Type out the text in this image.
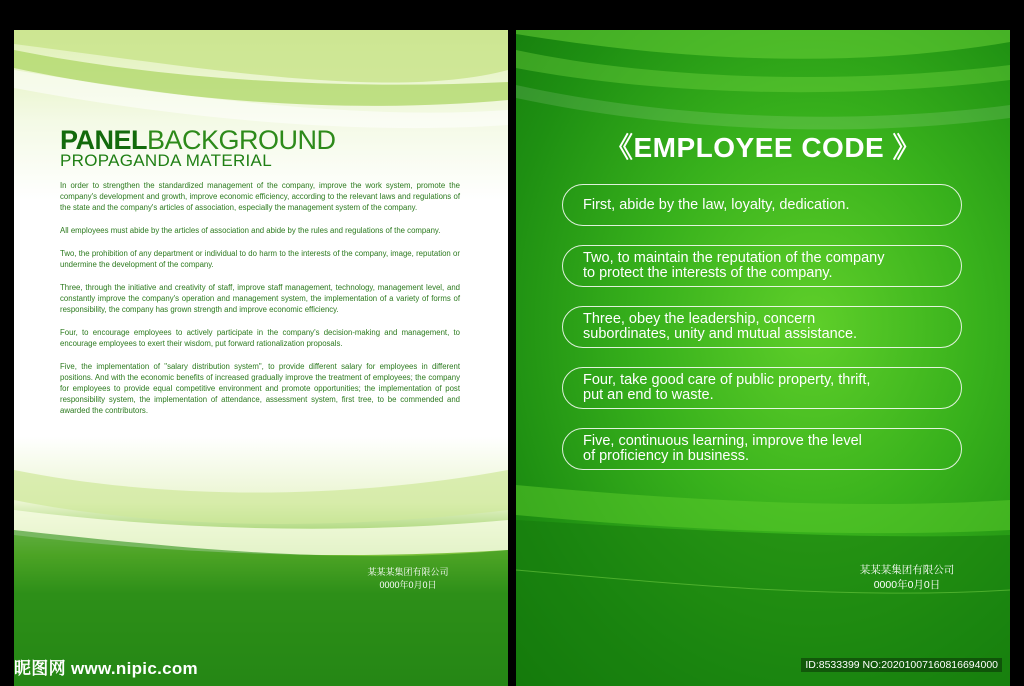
PANELBACKGROUND
PROPAGANDA MATERIAL

In order to strengthen the standardized management of the company, improve the work system, promote the company's development and growth, improve economic efficiency, according to the relevant laws and regulations of the state and the company's articles of association, especially the management system of the company.

All employees must abide by the articles of association and abide by the rules and regulations of the company.

Two, the prohibition of any department or individual to do harm to the interests of the company, image, reputation or undermine the development of the company.

Three, through the initiative and creativity of staff, improve staff management, technology, management level, and constantly improve the company's operation and management system, the implementation of a variety of forms of responsibility, the company has grown strength and improve economic efficiency.

Four, to encourage employees to actively participate in the company's decision-making and management, to encourage employees to exert their wisdom, put forward rationalization proposals.

Five, the implementation of "salary distribution system", to provide different salary for employees in different positions. And with the economic benefits of increased gradually improve the treatment of employees; the company for employees to provide equal competitive environment and promote opportunities; the implementation of post responsibility system, the implementation of attendance, assessment system, first tree, to be commended and awarded the contributors.

某某某集团有限公司
0000年0月0日
《EMPLOYEE CODE 》
First, abide by the law, loyalty, dedication.

Two, to maintain the reputation of the company
to protect the interests of the company.
Three, obey the leadership, concern
subordinates, unity and mutual assistance.
Four, take good care of public property, thrift,
put an end to waste.
Five, continuous learning, improve the level
of proficiency in business.
某某某集团有限公司
0000年0月0日
昵图网 www.nipic.com	ID:8533399 NO:20201007160816694000
